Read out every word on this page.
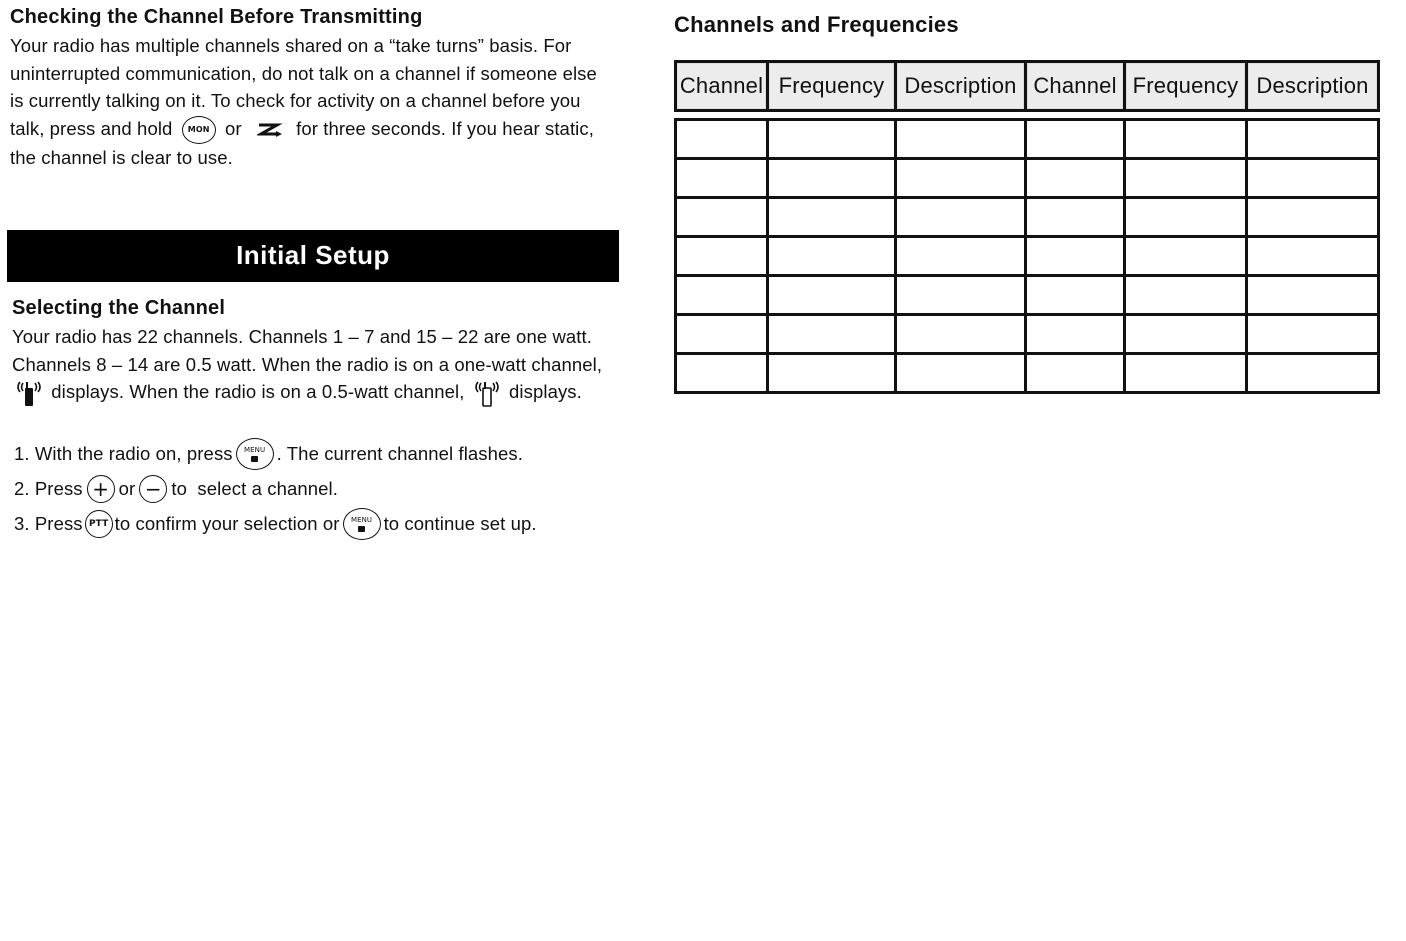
Checking the Channel Before Transmitting
Your radio has multiple channels shared on a “take turns” basis. For
uninterrupted communication, do not talk on a channel if someone else
is currently talking on it. To check for activity on a channel before you
talk, press and hold MON or	for three seconds. If you hear static,
the channel is clear to use.
Initial Setup
Selecting the Channel
Your radio has 22 channels. Channels 1 – 7 and 15 – 22 are one watt.
Channels 8 – 14 are 0.5 watt. When the radio is on a one-watt channel,
displays. When the radio is on a 0.5-watt channel, displays.
1. With the radio on, press MENU . The current channel flashes.
2. Press + or − to  select a channel.
3. Press PTT to confirm your selection or MENU to continue set up.
Channels and Frequencies
Channel	Frequency	Description	Channel	Frequency	Description
